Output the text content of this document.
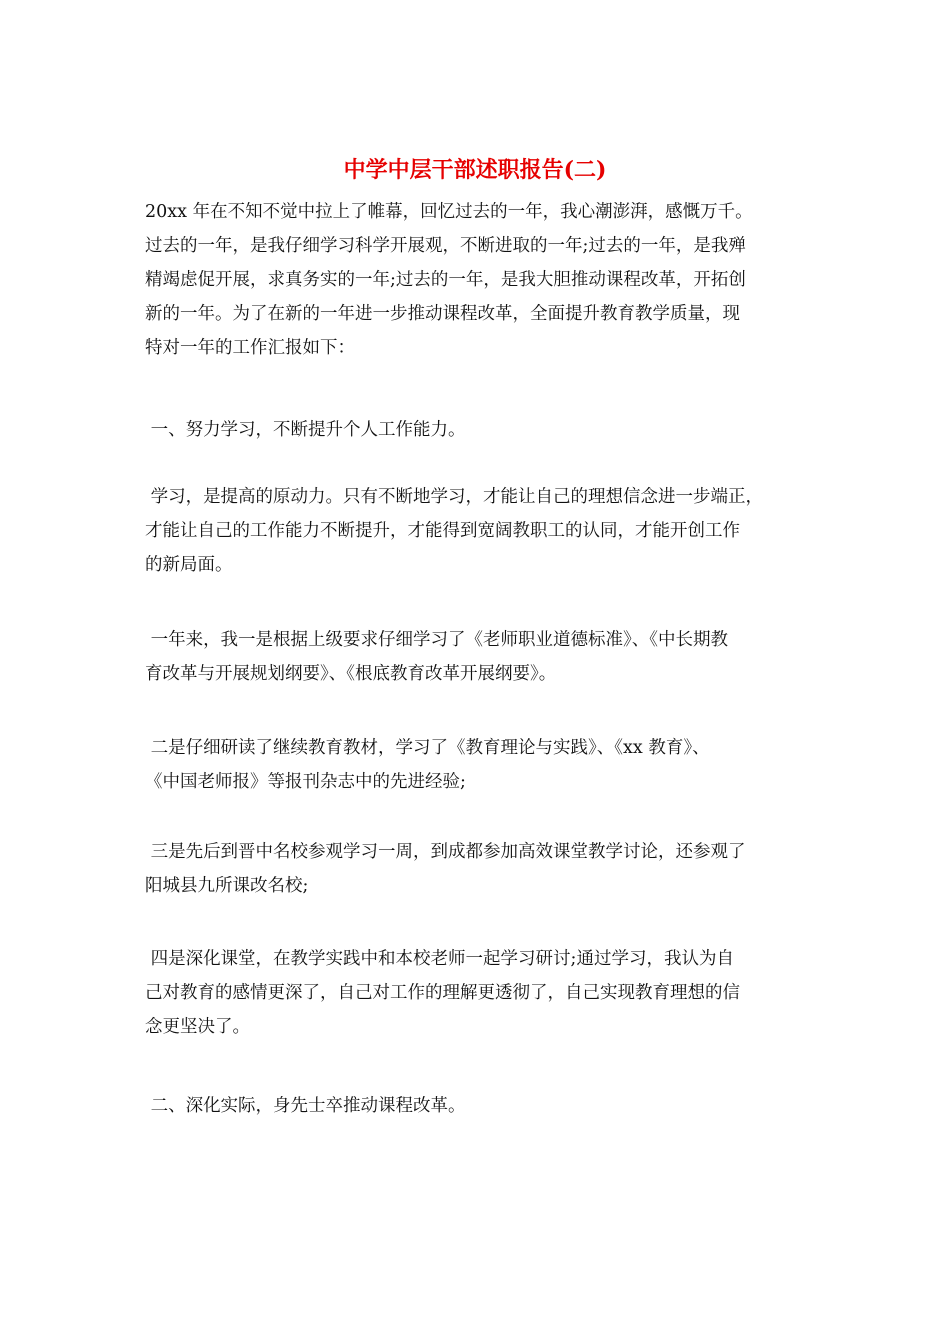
中学中层干部述职报告(二)
20xx 年在不知不觉中拉上了帷幕，回忆过去的一年，我心潮澎湃，感慨万千。
过去的一年，是我仔细学习科学开展观，不断进取的一年;过去的一年，是我殚
精竭虑促开展，求真务实的一年;过去的一年，是我大胆推动课程改革，开拓创
新的一年。为了在新的一年进一步推动课程改革，全面提升教育教学质量，现
特对一年的工作汇报如下：
一、努力学习，不断提升个人工作能力。
学习，是提高的原动力。只有不断地学习，才能让自己的理想信念进一步端正，
才能让自己的工作能力不断提升，才能得到宽阔教职工的认同，才能开创工作
的新局面。
一年来，我一是根据上级要求仔细学习了《老师职业道德标准》、《中长期教
育改革与开展规划纲要》、《根底教育改革开展纲要》。
二是仔细研读了继续教育教材，学习了《教育理论与实践》、《xx 教育》、
《中国老师报》等报刊杂志中的先进经验;
三是先后到晋中名校参观学习一周，到成都参加高效课堂教学讨论，还参观了
阳城县九所课改名校;
四是深化课堂，在教学实践中和本校老师一起学习研讨;通过学习，我认为自
己对教育的感情更深了，自己对工作的理解更透彻了，自己实现教育理想的信
念更坚决了。
二、深化实际，身先士卒推动课程改革。
